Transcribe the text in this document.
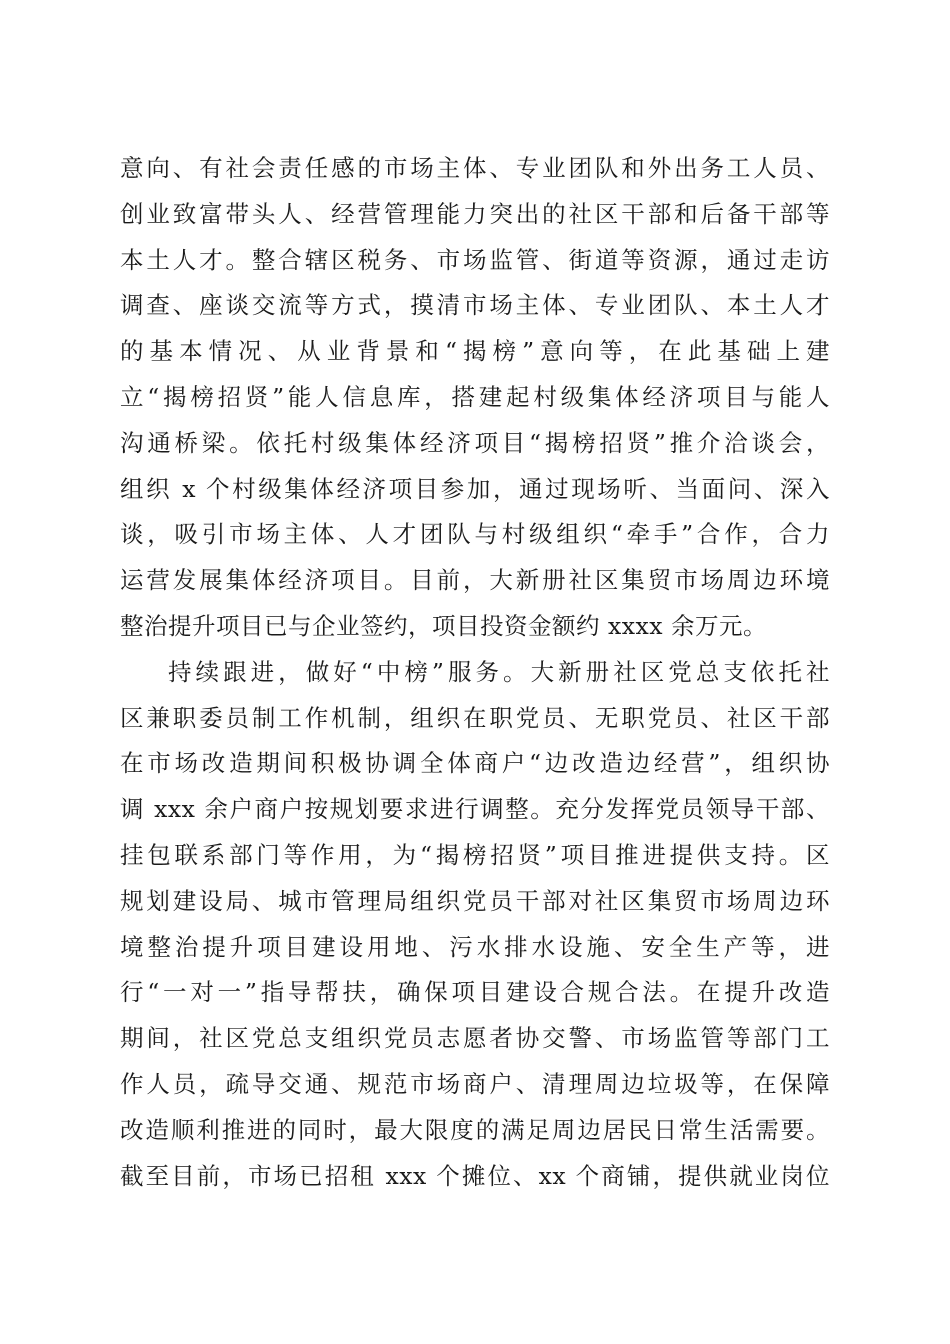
意向、有社会责任感的市场主体、专业团队和外出务工人员、
创业致富带头人、经营管理能力突出的社区干部和后备干部等
本土人才。整合辖区税务、市场监管、街道等资源，通过走访
调查、座谈交流等方式，摸清市场主体、专业团队、本土人才
的基本情况、从业背景和“揭榜”意向等，在此基础上建
立“揭榜招贤”能人信息库，搭建起村级集体经济项目与能人
沟通桥梁。依托村级集体经济项目“揭榜招贤”推介洽谈会，
组织 x 个村级集体经济项目参加，通过现场听、当面问、深入
谈，吸引市场主体、人才团队与村级组织“牵手”合作，合力
运营发展集体经济项目。目前，大新册社区集贸市场周边环境
整治提升项目已与企业签约，项目投资金额约 xxxx 余万元。
持续跟进，做好“中榜”服务。大新册社区党总支依托社
区兼职委员制工作机制，组织在职党员、无职党员、社区干部
在市场改造期间积极协调全体商户“边改造边经营”，组织协
调 xxx 余户商户按规划要求进行调整。充分发挥党员领导干部、
挂包联系部门等作用，为“揭榜招贤”项目推进提供支持。区
规划建设局、城市管理局组织党员干部对社区集贸市场周边环
境整治提升项目建设用地、污水排水设施、安全生产等，进
行“一对一”指导帮扶，确保项目建设合规合法。在提升改造
期间，社区党总支组织党员志愿者协交警、市场监管等部门工
作人员，疏导交通、规范市场商户、清理周边垃圾等，在保障
改造顺利推进的同时，最大限度的满足周边居民日常生活需要。
截至目前，市场已招租 xxx 个摊位、xx 个商铺，提供就业岗位
